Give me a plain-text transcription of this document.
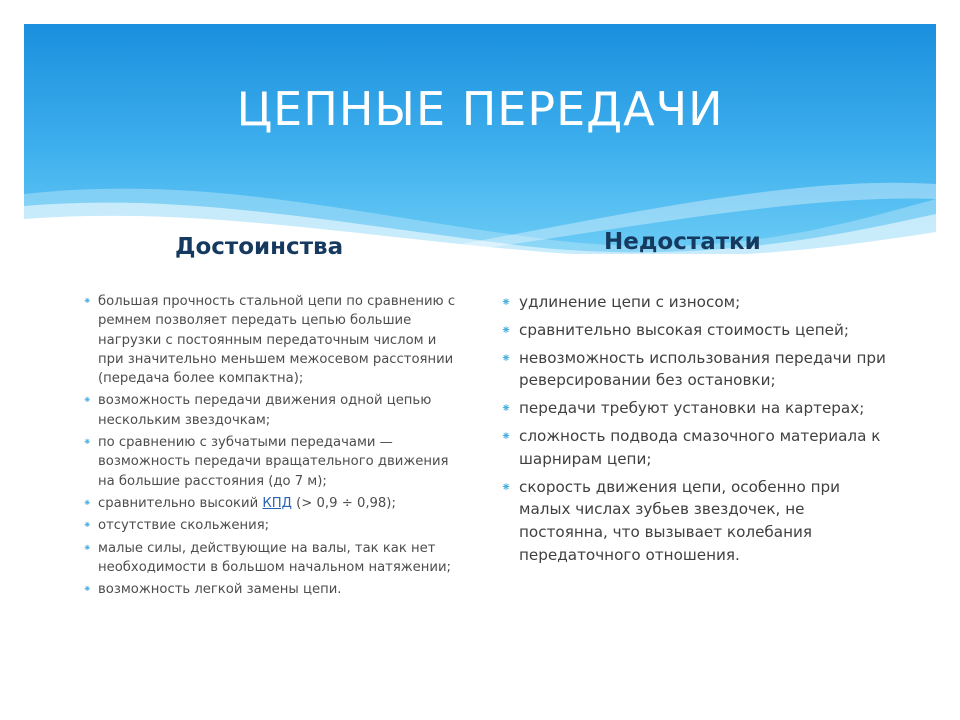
ЦЕПНЫЕ ПЕРЕДАЧИ
Достоинства	Недостатки
⁕ большая прочность стальной цепи по сравнению с ремнем позволяет передать цепью большие нагрузки с постоянным передаточным числом и при значительно меньшем межосевом расстоянии (передача более компактна);
⁕ возможность передачи движения одной цепью нескольким звездочкам;
⁕ по сравнению с зубчатыми передачами — возможность передачи вращательного движения на большие расстояния (до 7 м);
⁕ сравнительно высокий КПД (> 0,9 ÷ 0,98);
⁕ отсутствие скольжения;
⁕ малые силы, действующие на валы, так как нет необходимости в большом начальном натяжении;
⁕ возможность легкой замены цепи.
⁕ удлинение цепи с износом;
⁕ сравнительно высокая стоимость цепей;
⁕ невозможность использования передачи при реверсировании без остановки;
⁕ передачи требуют установки на картерах;
⁕ сложность подвода смазочного материала к шарнирам цепи;
⁕ скорость движения цепи, особенно при малых числах зубьев звездочек, не постоянна, что вызывает колебания передаточного отношения.
